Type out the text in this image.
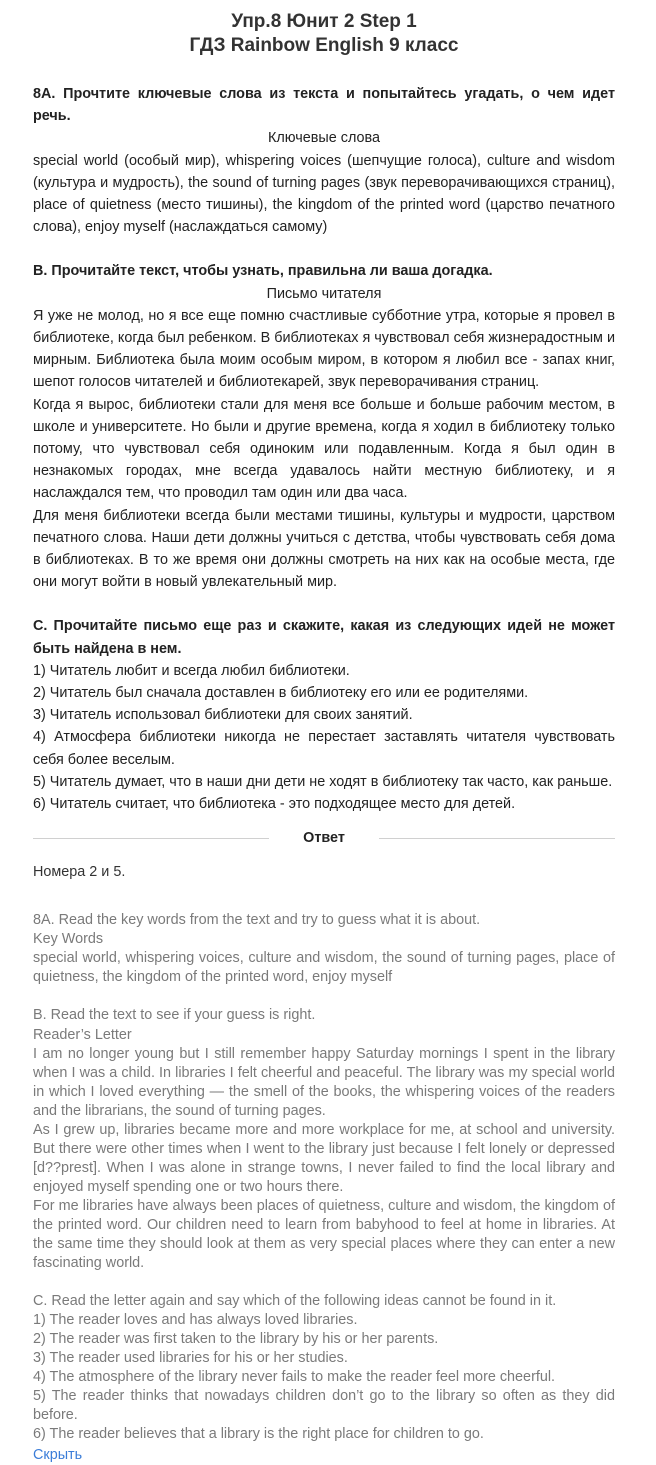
Упр.8 Юнит 2 Step 1
ГДЗ Rainbow English 9 класс

8А. Прочтите ключевые слова из текста и попытайтесь угадать, о чем идет речь.

Ключевые слова

special world (особый мир), whispering voices (шепчущие голоса), culture and wisdom (культура и мудрость), the sound of turning pages (звук переворачивающихся страниц), place of quietness (место тишины), the kingdom of the printed word (царство печатного слова), enjoy myself (наслаждаться самому)

B. Прочитайте текст, чтобы узнать, правильна ли ваша догадка.

Письмо читателя

Я уже не молод, но я все еще помню счастливые субботние утра, которые я провел в библиотеке, когда был ребенком. В библиотеках я чувствовал себя жизнерадостным и мирным. Библиотека была моим особым миром, в котором я любил все - запах книг, шепот голосов читателей и библиотекарей, звук переворачивания страниц.

Когда я вырос, библиотеки стали для меня все больше и больше рабочим местом, в школе и университете. Но были и другие времена, когда я ходил в библиотеку только потому, что чувствовал себя одиноким или подавленным. Когда я был один в незнакомых городах, мне всегда удавалось найти местную библиотеку, и я наслаждался тем, что проводил там один или два часа.

Для меня библиотеки всегда были местами тишины, культуры и мудрости, царством печатного слова. Наши дети должны учиться с детства, чтобы чувствовать себя дома в библиотеках. В то же время они должны смотреть на них как на особые места, где они могут войти в новый увлекательный мир.

C. Прочитайте письмо еще раз и скажите, какая из следующих идей не может быть найдена в нем.

1) Читатель любит и всегда любил библиотеки.

2) Читатель был сначала доставлен в библиотеку его или ее родителями.

3) Читатель использовал библиотеки для своих занятий.

4) Атмосфера библиотеки никогда не перестает заставлять читателя чувствовать себя более веселым.

5) Читатель думает, что в наши дни дети не ходят в библиотеку так часто, как раньше.

6) Читатель считает, что библиотека - это подходящее место для детей.

Ответ

Номера 2 и 5.

8A. Read the key words from the text and try to guess what it is about.

Key Words

special world, whispering voices, culture and wisdom, the sound of turning pages, place of quietness, the kingdom of the printed word, enjoy myself

B. Read the text to see if your guess is right.

Reader’s Letter

I am no longer young but I still remember happy Saturday mornings I spent in the library when I was a child. In libraries I felt cheerful and peaceful. The library was my special world in which I loved everything — the smell of the books, the whispering voices of the readers and the librarians, the sound of turning pages.

As I grew up, libraries became more and more workplace for me, at school and university. But there were other times when I went to the library just because I felt lonely or depressed [d??prest]. When I was alone in strange towns, I never failed to find the local library and enjoyed myself spending one or two hours there.

For me libraries have always been places of quietness, culture and wisdom, the kingdom of the printed word. Our children need to learn from babyhood to feel at home in libraries. At the same time they should look at them as very special places where they can enter a new fascinating world.

C. Read the letter again and say which of the following ideas cannot be found in it.

1) The reader loves and has always loved libraries.

2) The reader was first taken to the library by his or her parents.

3) The reader used libraries for his or her studies.

4) The atmosphere of the library never fails to make the reader feel more cheerful.

5) The reader thinks that nowadays children don’t go to the library so often as they did before.

6) The reader believes that a library is the right place for children to go.

Скрыть
